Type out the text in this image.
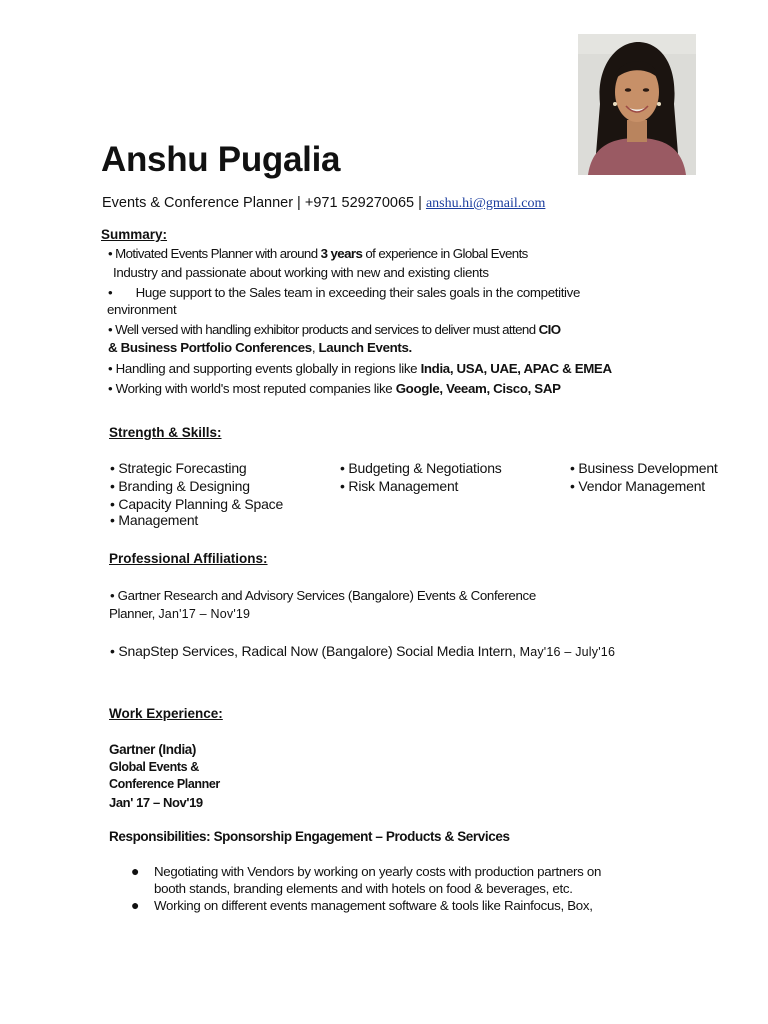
Anshu Pugalia
Events & Conference Planner | +971 529270065 | anshu.hi@gmail.com
Summary:
• Motivated Events Planner with around 3 years of experience in Global Events
Industry and passionate about working with new and existing clients
• Huge support to the Sales team in exceeding their sales goals in the competitive
environment
• Well versed with handling exhibitor products and services to deliver must attend CIO
& Business Portfolio Conferences, Launch Events.
• Handling and supporting events globally in regions like India, USA, UAE, APAC & EMEA
• Working with world's most reputed companies like Google, Veeam, Cisco, SAP
Strength & Skills:
• Strategic Forecasting
• Branding & Designing
• Capacity Planning & Space
• Management
• Budgeting & Negotiations
• Risk Management
• Business Development
• Vendor Management
Professional Affiliations:
• Gartner Research and Advisory Services (Bangalore) Events & Conference
Planner, Jan'17 – Nov'19
• SnapStep Services, Radical Now (Bangalore) Social Media Intern, May'16 – July'16
Work Experience:
Gartner (India)
Global Events &
Conference Planner
Jan' 17 – Nov'19
Responsibilities: Sponsorship Engagement – Products & Services
● Negotiating with Vendors by working on yearly costs with production partners on
booth stands, branding elements and with hotels on food & beverages, etc.
● Working on different events management software & tools like Rainfocus, Box,
